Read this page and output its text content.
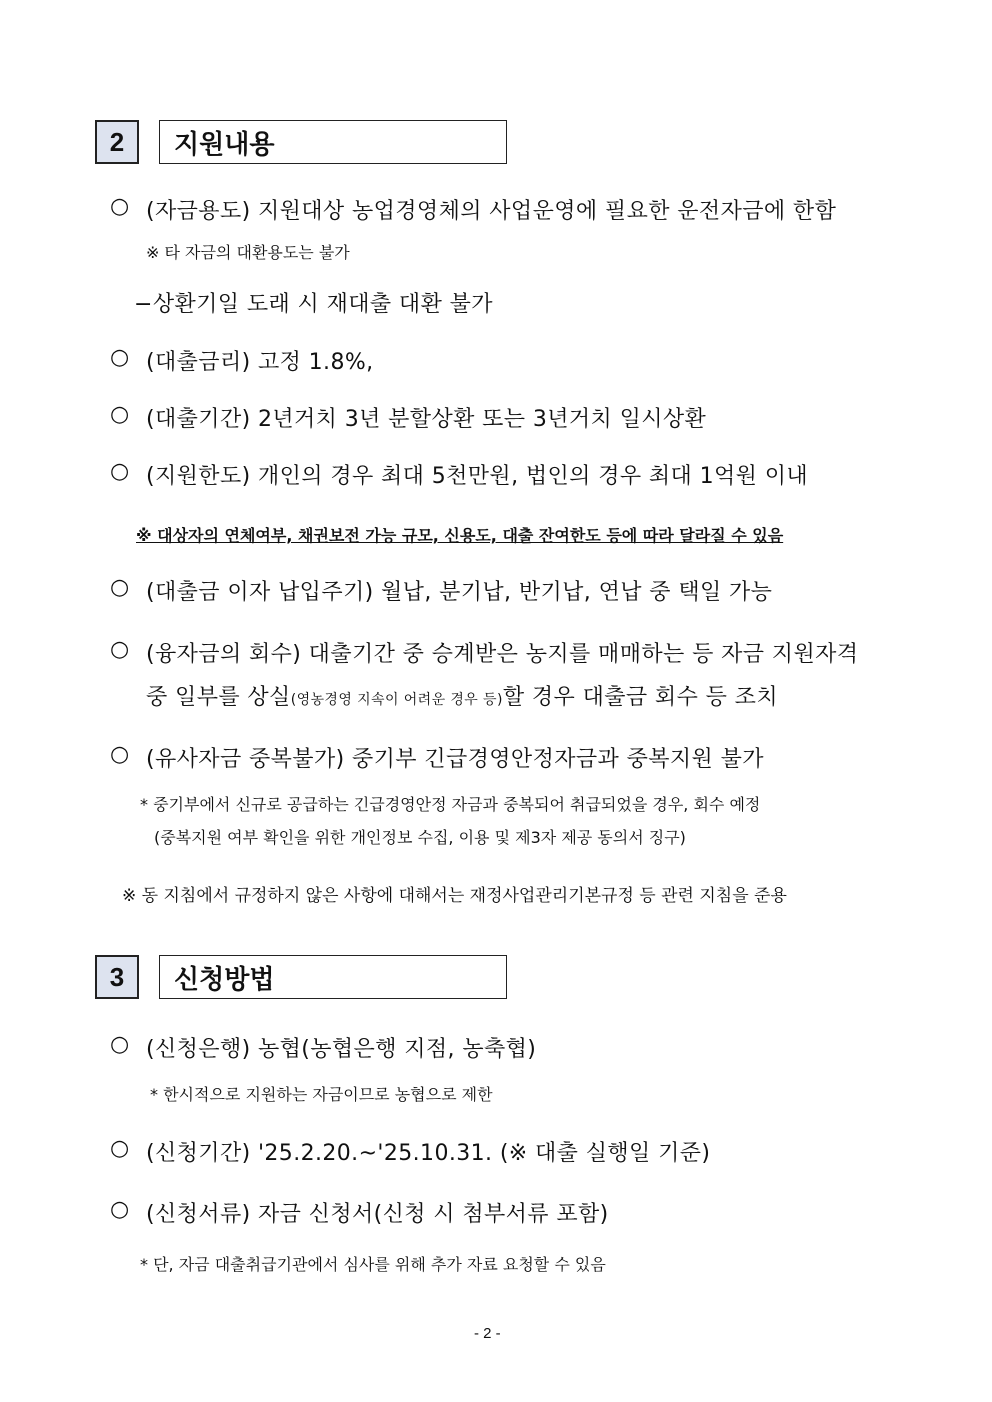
2	지원내용
○ (자금용도) 지원대상 농업경영체의 사업운영에 필요한 운전자금에 한함
※ 타 자금의 대환용도는 불가
−상환기일 도래 시 재대출 대환 불가
○ (대출금리) 고정 1.8%,
○ (대출기간) 2년거치 3년 분할상환 또는 3년거치 일시상환
○ (지원한도) 개인의 경우 최대 5천만원, 법인의 경우 최대 1억원 이내
※ 대상자의 연체여부, 채권보전 가능 규모, 신용도, 대출 잔여한도 등에 따라 달라질 수 있음
○ (대출금 이자 납입주기) 월납, 분기납, 반기납, 연납 중 택일 가능
○ (융자금의 회수) 대출기간 중 승계받은 농지를 매매하는 등 자금 지원자격
중 일부를 상실(영농경영 지속이 어려운 경우 등)할 경우 대출금 회수 등 조치
○ (유사자금 중복불가) 중기부 긴급경영안정자금과 중복지원 불가
* 중기부에서 신규로 공급하는 긴급경영안정 자금과 중복되어 취급되었을 경우, 회수 예정
(중복지원 여부 확인을 위한 개인정보 수집, 이용 및 제3자 제공 동의서 징구)
※ 동 지침에서 규정하지 않은 사항에 대해서는 재정사업관리기본규정 등 관련 지침을 준용
3	신청방법
○ (신청은행) 농협(농협은행 지점, 농축협)
* 한시적으로 지원하는 자금이므로 농협으로 제한
○ (신청기간) '25.2.20.~'25.10.31. (※ 대출 실행일 기준)
○ (신청서류) 자금 신청서(신청 시 첨부서류 포함)
* 단, 자금 대출취급기관에서 심사를 위해 추가 자료 요청할 수 있음
- 2 -
